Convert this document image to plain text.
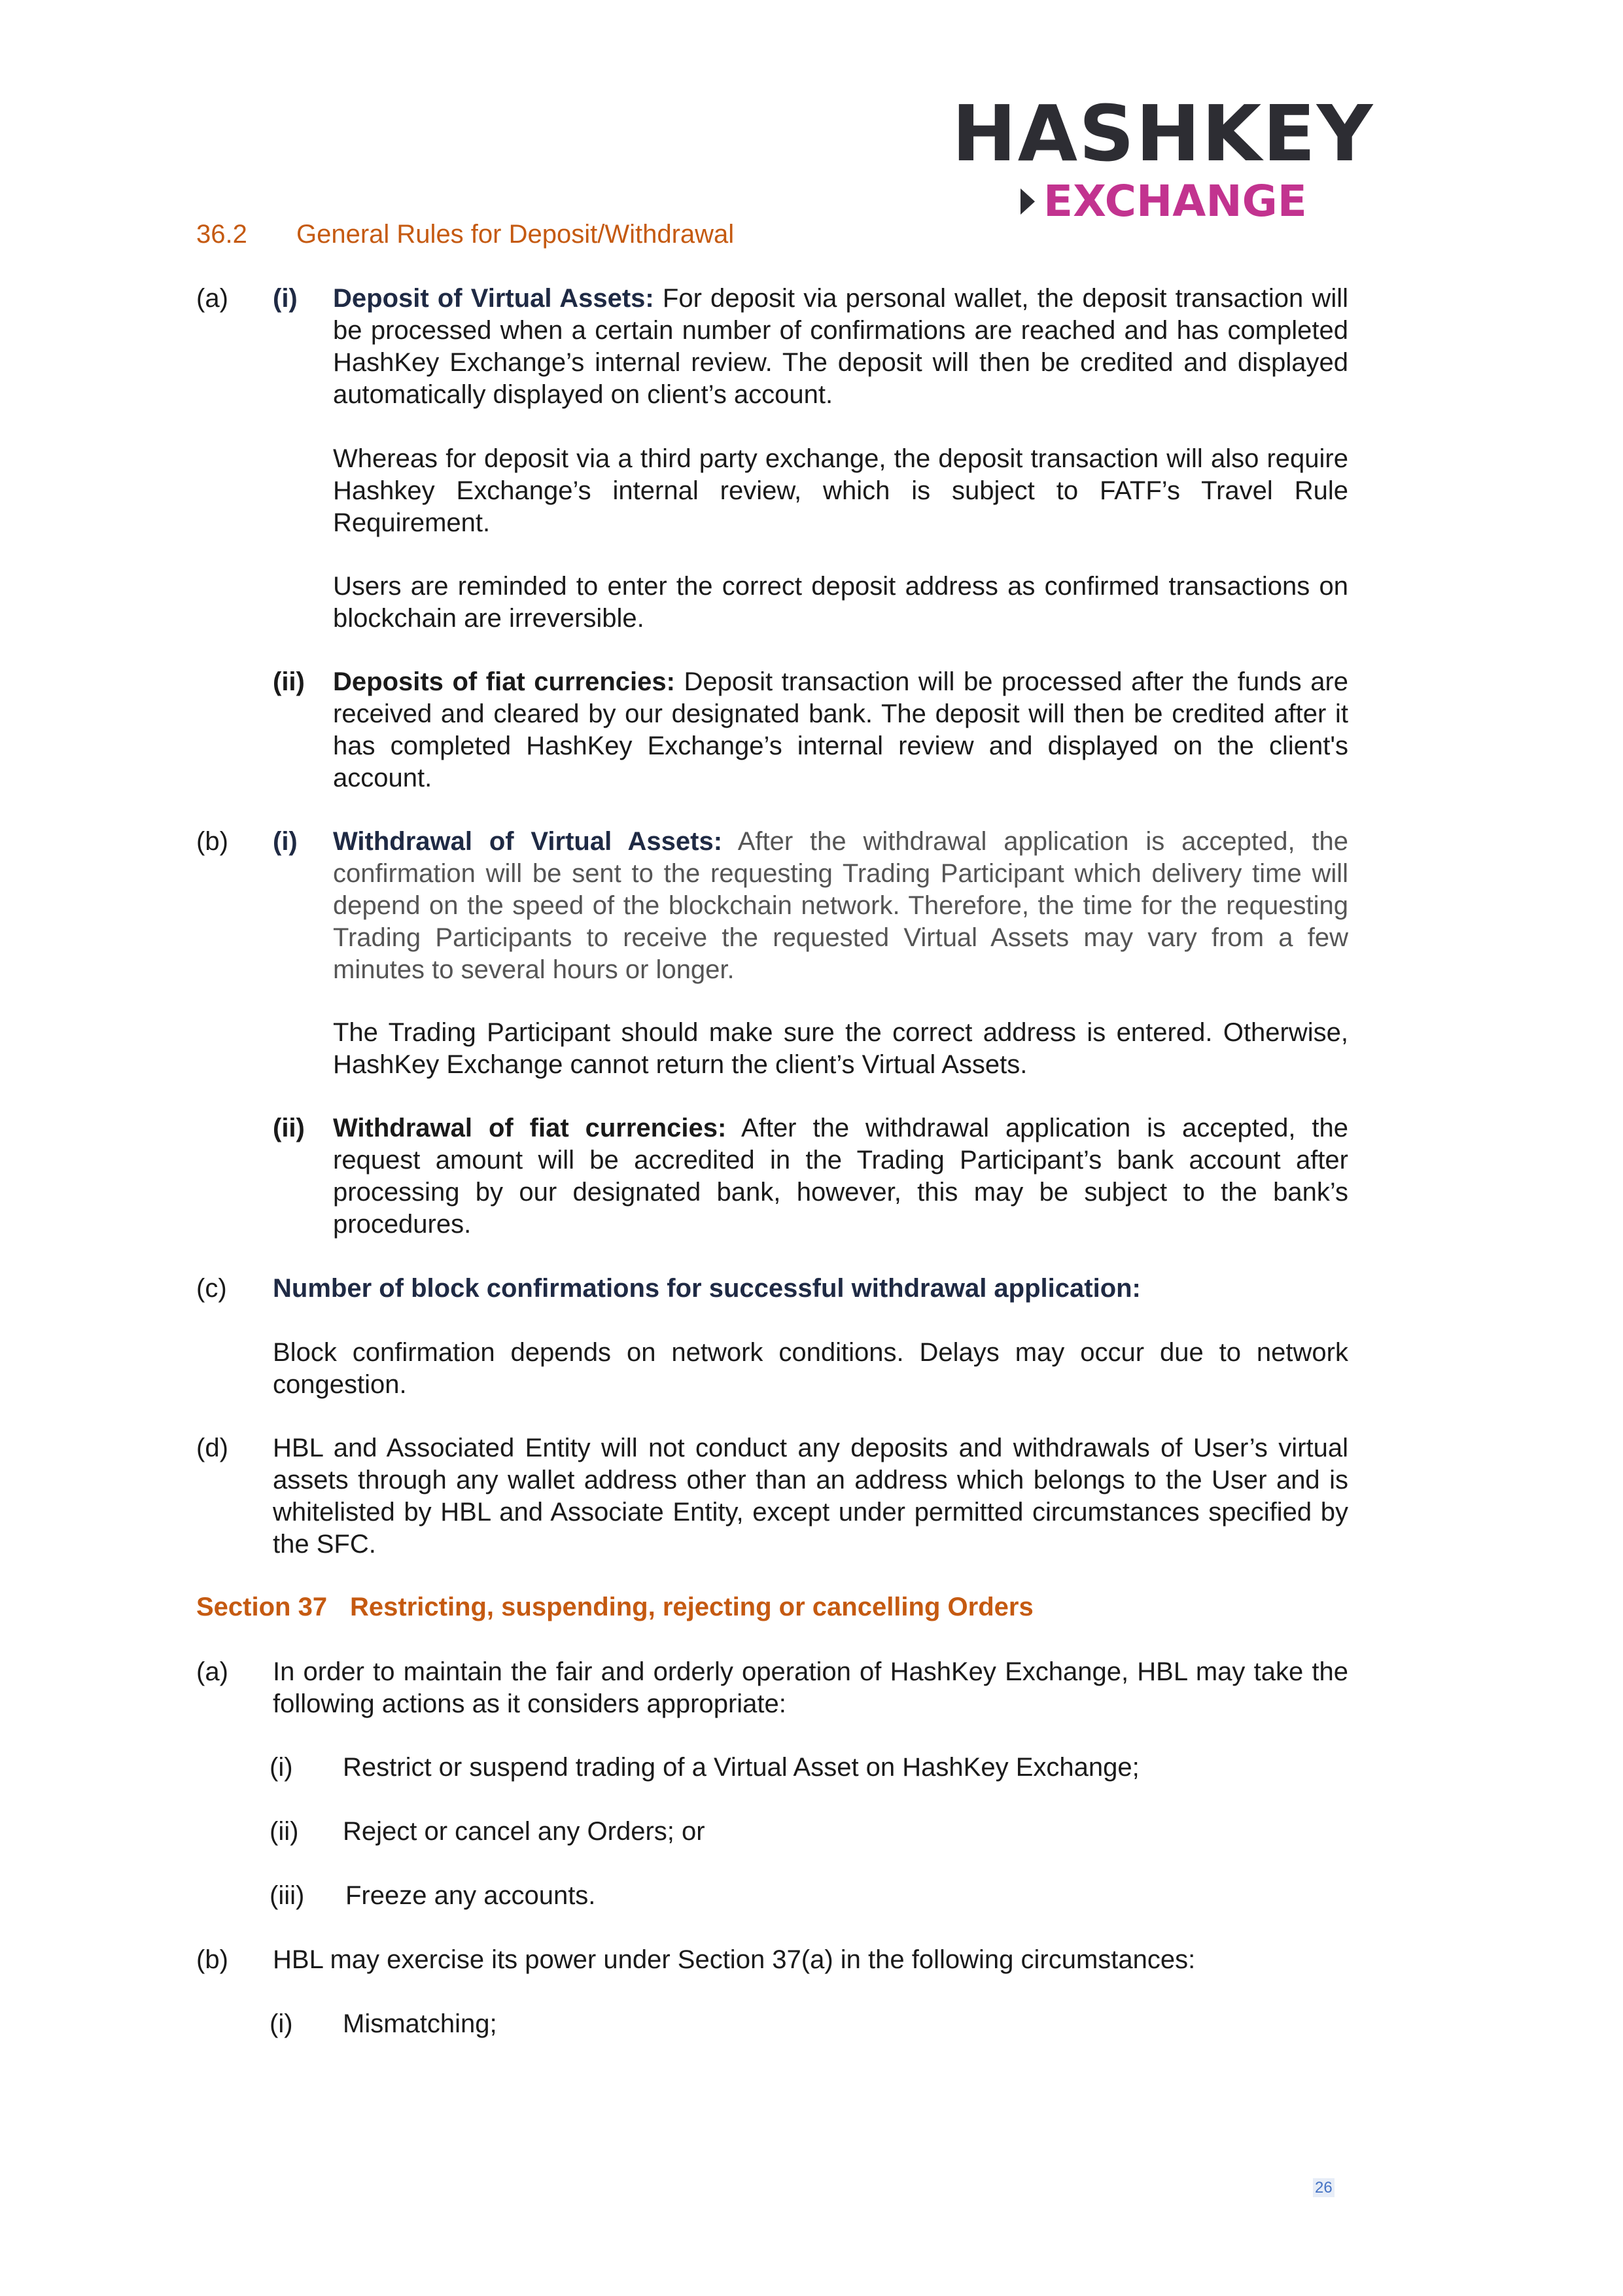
HASHKEY
EXCHANGE
36.2 General Rules for Deposit/Withdrawal
(a) (i) Deposit of Virtual Assets: For deposit via personal wallet, the deposit transaction will be processed when a certain number of confirmations are reached and has completed HashKey Exchange’s internal review. The deposit will then be credited and displayed automatically displayed on client’s account.
Whereas for deposit via a third party exchange, the deposit transaction will also require Hashkey Exchange’s internal review, which is subject to FATF’s Travel Rule Requirement.
Users are reminded to enter the correct deposit address as confirmed transactions on blockchain are irreversible.
(ii) Deposits of fiat currencies: Deposit transaction will be processed after the funds are received and cleared by our designated bank. The deposit will then be credited after it has completed HashKey Exchange’s internal review and displayed on the client's account.
(b) (i) Withdrawal of Virtual Assets: After the withdrawal application is accepted, the confirmation will be sent to the requesting Trading Participant which delivery time will depend on the speed of the blockchain network. Therefore, the time for the requesting Trading Participants to receive the requested Virtual Assets may vary from a few minutes to several hours or longer.
The Trading Participant should make sure the correct address is entered. Otherwise, HashKey Exchange cannot return the client’s Virtual Assets.
(ii) Withdrawal of fiat currencies: After the withdrawal application is accepted, the request amount will be accredited in the Trading Participant’s bank account after processing by our designated bank, however, this may be subject to the bank’s procedures.
(c) Number of block confirmations for successful withdrawal application:
Block confirmation depends on network conditions. Delays may occur due to network congestion.
(d) HBL and Associated Entity will not conduct any deposits and withdrawals of User’s virtual assets through any wallet address other than an address which belongs to the User and is whitelisted by HBL and Associate Entity, except under permitted circumstances specified by the SFC.
Section 37 Restricting, suspending, rejecting or cancelling Orders
(a) In order to maintain the fair and orderly operation of HashKey Exchange, HBL may take the following actions as it considers appropriate:
(i) Restrict or suspend trading of a Virtual Asset on HashKey Exchange;
(ii) Reject or cancel any Orders; or
(iii) Freeze any accounts.
(b) HBL may exercise its power under Section 37(a) in the following circumstances:
(i) Mismatching;
26
